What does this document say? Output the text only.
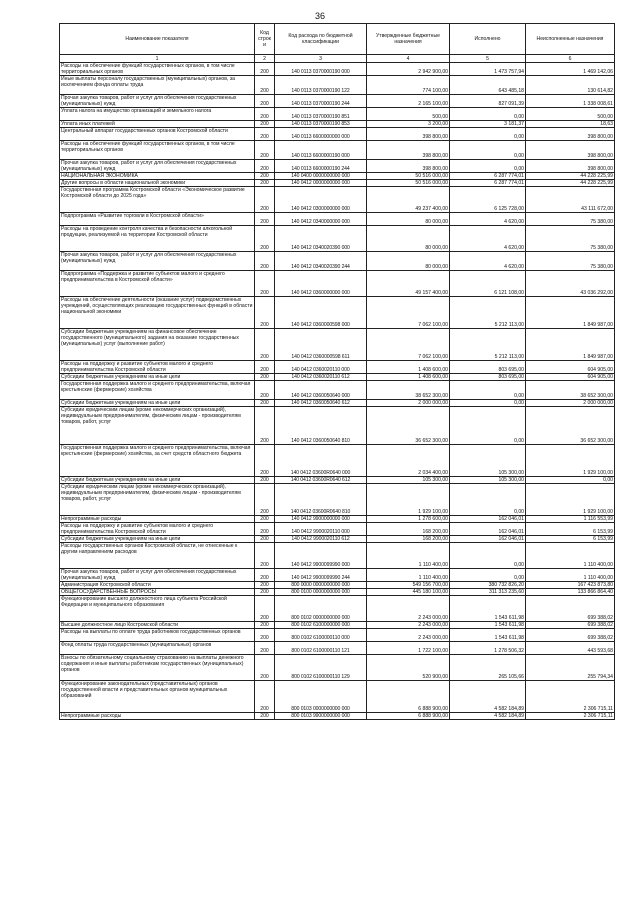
36
Наименование показателя	Код строк и	Код расхода по бюджетной классификации	Утвержденные бюджетные назначения	Исполнено	Неисполненные назначения
1	2	3	4	5	6
Расходы на обеспечение функций государственных органов, в том числе территориальных органов	200	140 0113 0370000190 000	2 942 900,00	1 473 757,94	1 469 142,06
Иные выплаты персоналу государственных (муниципальных) органов, за исключением фонда оплаты труда	200	140 0113 0370000190 122	774 100,00	643 485,18	130 614,82
Прочая закупка товаров, работ и услуг для обеспечения государственных (муниципальных) нужд	200	140 0113 0370000190 244	2 165 100,00	827 091,39	1 338 008,61
Уплата налога на имущество организаций и земельного налога	200	140 0113 0370000190 851	500,00	0,00	500,00
Уплата иных платежей	200	140 0113 0370000190 853	3 200,00	3 181,37	18,63
Центральный аппарат государственных органов Костромской области	200	140 0113 6600000000 000	398 800,00	0,00	398 800,00
Расходы на обеспечение функций государственных органов, в том числе территориальных органов	200	140 0113 6600000190 000	398 800,00	0,00	398 800,00
Прочая закупка товаров, работ и услуг для обеспечения государственных (муниципальных) нужд	200	140 0113 6600000190 244	398 800,00	0,00	398 800,00
НАЦИОНАЛЬНАЯ ЭКОНОМИКА	200	140 0400 0000000000 000	50 516 000,00	6 287 774,01	44 228 225,99
Другие вопросы в области национальной экономики	200	140 0412 0000000000 000	50 516 000,00	6 287 774,01	44 228 225,99
Государственная программа Костромской области «Экономическое развитие Костромской области до 2025 года»	200	140 0412 0300000000 000	49 237 400,00	6 125 728,00	43 111 672,00
Подпрограмма «Развитие торговли в Костромской области»	200	140 0412 0340000000 000	80 000,00	4 620,00	75 380,00
Расходы на проведение контроля качества и безопасности алкогольной продукции, реализуемой на территории Костромской области	200	140 0412 0340020390 000	80 000,00	4 620,00	75 380,00
Прочая закупка товаров, работ и услуг для обеспечения государственных (муниципальных) нужд	200	140 0412 0340020390 244	80 000,00	4 620,00	75 380,00
Подпрограмма «Поддержка и развитие субъектов малого и среднего предпринимательства в Костромской области»	200	140 0412 0360000000 000	49 157 400,00	6 121 108,00	43 036 292,00
Расходы на обеспечение деятельности (оказание услуг) подведомственных учреждений, осуществляющих реализацию государственных функций в области национальной экономики	200	140 0412 0360000598 000	7 062 100,00	5 212 113,00	1 849 987,00
Субсидии бюджетным учреждениям на финансовое обеспечение государственного (муниципального) задания на оказание государственных (муниципальных) услуг (выполнение работ)	200	140 0412 0360000598 611	7 062 100,00	5 212 113,00	1 849 987,00
Расходы на поддержку и развитие субъектов малого и среднего предпринимательства Костромской области	200	140 0412 0360020110 000	1 408 600,00	803 695,00	604 905,00
Субсидии бюджетным учреждениям на иные цели	200	140 0412 0360020110 612	1 408 600,00	803 695,00	604 905,00
Государственная поддержка малого и среднего предпринимательства, включая крестьянские (фермерские) хозяйства	200	140 0412 0360050640 000	38 652 300,00	0,00	38 652 300,00
Субсидии бюджетным учреждениям на иные цели	200	140 0412 0360050640 612	2 000 000,00	0,00	2 000 000,00
Субсидии юридическим лицам (кроме некоммерческих организаций), индивидуальным предпринимателям, физическим лицам - производителям товаров, работ, услуг	200	140 0412 0360050640 810	36 652 300,00	0,00	36 652 300,00
Государственная поддержка малого и среднего предпринимательства, включая крестьянские (фермерские) хозяйства, за счет средств областного бюджета	200	140 0412 03600R0640 000	2 034 400,00	105 300,00	1 929 100,00
Субсидии бюджетным учреждениям на иные цели	200	140 0412 03600R0640 612	105 300,00	105 300,00	0,00
Субсидии юридическим лицам (кроме некоммерческих организаций), индивидуальным предпринимателям, физическим лицам - производителям товаров, работ, услуг	200	140 0412 03600R0640 810	1 929 100,00	0,00	1 929 100,00
Непрограммные расходы	200	140 0412 9900000000 000	1 278 600,00	162 046,01	1 116 553,99
Расходы на поддержку и развитие субъектов малого и среднего предпринимательства Костромской области	200	140 0412 9900020110 000	168 200,00	162 046,01	6 153,99
Субсидии бюджетным учреждениям на иные цели	200	140 0412 9900020110 612	168 200,00	162 046,01	6 153,99
Расходы государственных органов Костромской области, не отнесенные к другим направлениям расходов	200	140 0412 9900099990 000	1 110 400,00	0,00	1 110 400,00
Прочая закупка товаров, работ и услуг для обеспечения государственных (муниципальных) нужд	200	140 0412 9900099990 244	1 110 400,00	0,00	1 110 400,00
Администрация Костромской области	200	800 0000 0000000000 000	549 156 700,00	380 732 826,20	167 423 873,80
ОБЩЕГОСУДАРСТВЕННЫЕ ВОПРОСЫ	200	800 0100 0000000000 000	445 180 100,00	311 313 235,60	133 866 864,40
Функционирование высшего должностного лица субъекта Российской Федерации и муниципального образования	200	800 0102 0000000000 000	2 243 000,00	1 543 611,98	699 388,02
Высшее должностное лицо Костромской области	200	800 0102 6100000000 000	2 243 000,00	1 543 611,98	699 388,02
Расходы на выплаты по оплате труда работников государственных органов	200	800 0102 6100000110 000	2 243 000,00	1 543 611,98	699 388,02
Фонд оплаты труда государственных (муниципальных) органов	200	800 0102 6100000110 121	1 722 100,00	1 278 506,32	443 593,68
Взносы по обязательному социальному страхованию на выплаты денежного содержания и иные выплаты работникам государственных (муниципальных) органов	200	800 0102 6100000110 129	520 900,00	265 105,66	255 794,34
Функционирование законодательных (представительных) органов государственной власти и представительных органов муниципальных образований	200	800 0103 0000000000 000	6 888 900,00	4 582 184,89	2 306 715,11
Непрограммные расходы	200	800 0103 9900000000 000	6 888 900,00	4 582 184,89	2 306 715,11
